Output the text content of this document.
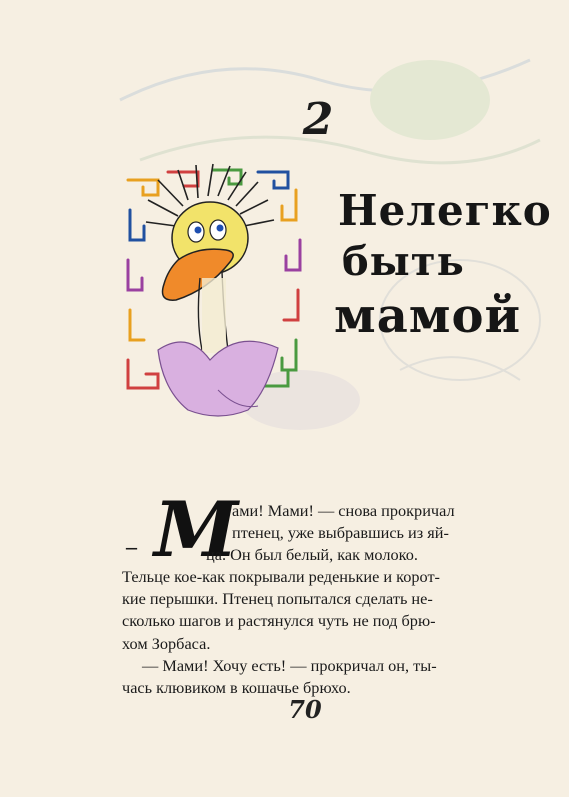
2
Нелегко
быть
мамой
– М
ами! Мами! — снова прокричал
птенец, уже выбравшись из яй-
ца. Он был белый, как молоко.
Тельце кое-как покрывали реденькие и корот-
кие перышки. Птенец попытался сделать не-
сколько шагов и растянулся чуть не под брю-
хом Зорбаса.
— Мами! Хочу есть! — прокричал он, ты-
чась клювиком в кошачье брюхо.
70
